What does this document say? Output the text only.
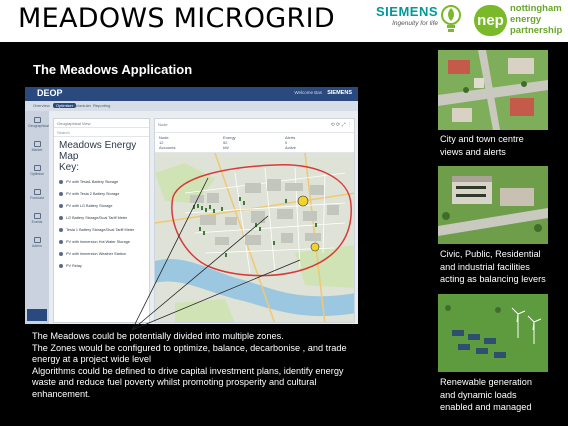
MEADOWS MICROGRID	SIEMENS
Ingenuity for life	nep
nottingham
energy
partnership
The Meadows Application
DEOP	Welcome Bas SIEMENS
Overview	Optimiser Scheduler Reporting
Geographical
Market
Optimise
Forecast
Events
Admin
Geographical View
Search
Meadows Energy Map
Key:
PV with Tesla1 Battery Storage
PV with Tesla 2 Battery Storage
PV with LG Battery Storage
LG Battery Storage/Dual Tariff Meter
Tesla 1 Battery Storage/Dual Tariff Meter
PV with Immersion Hot Water Storage
PV with Immersion Weather Station
PV Relay
Node	⟲ ⟳ ⤢ ⋮
Node
12
Accounts
Energy
52
kW
Alerts
0
Active

The Meadows could be potentially divided into multiple zones.

The Zones would be configured to optimize, balance, decarbonise , and trade energy at a project wide level

Algorithms could be defined to drive capital investment plans, identify energy waste and reduce fuel poverty whilst promoting prosperity and cultural enhancement.

City and town centre
views and alerts
Civic, Public, Residential
and industrial facilities
acting as balancing levers
Renewable generation
and dynamic loads
enabled and managed
